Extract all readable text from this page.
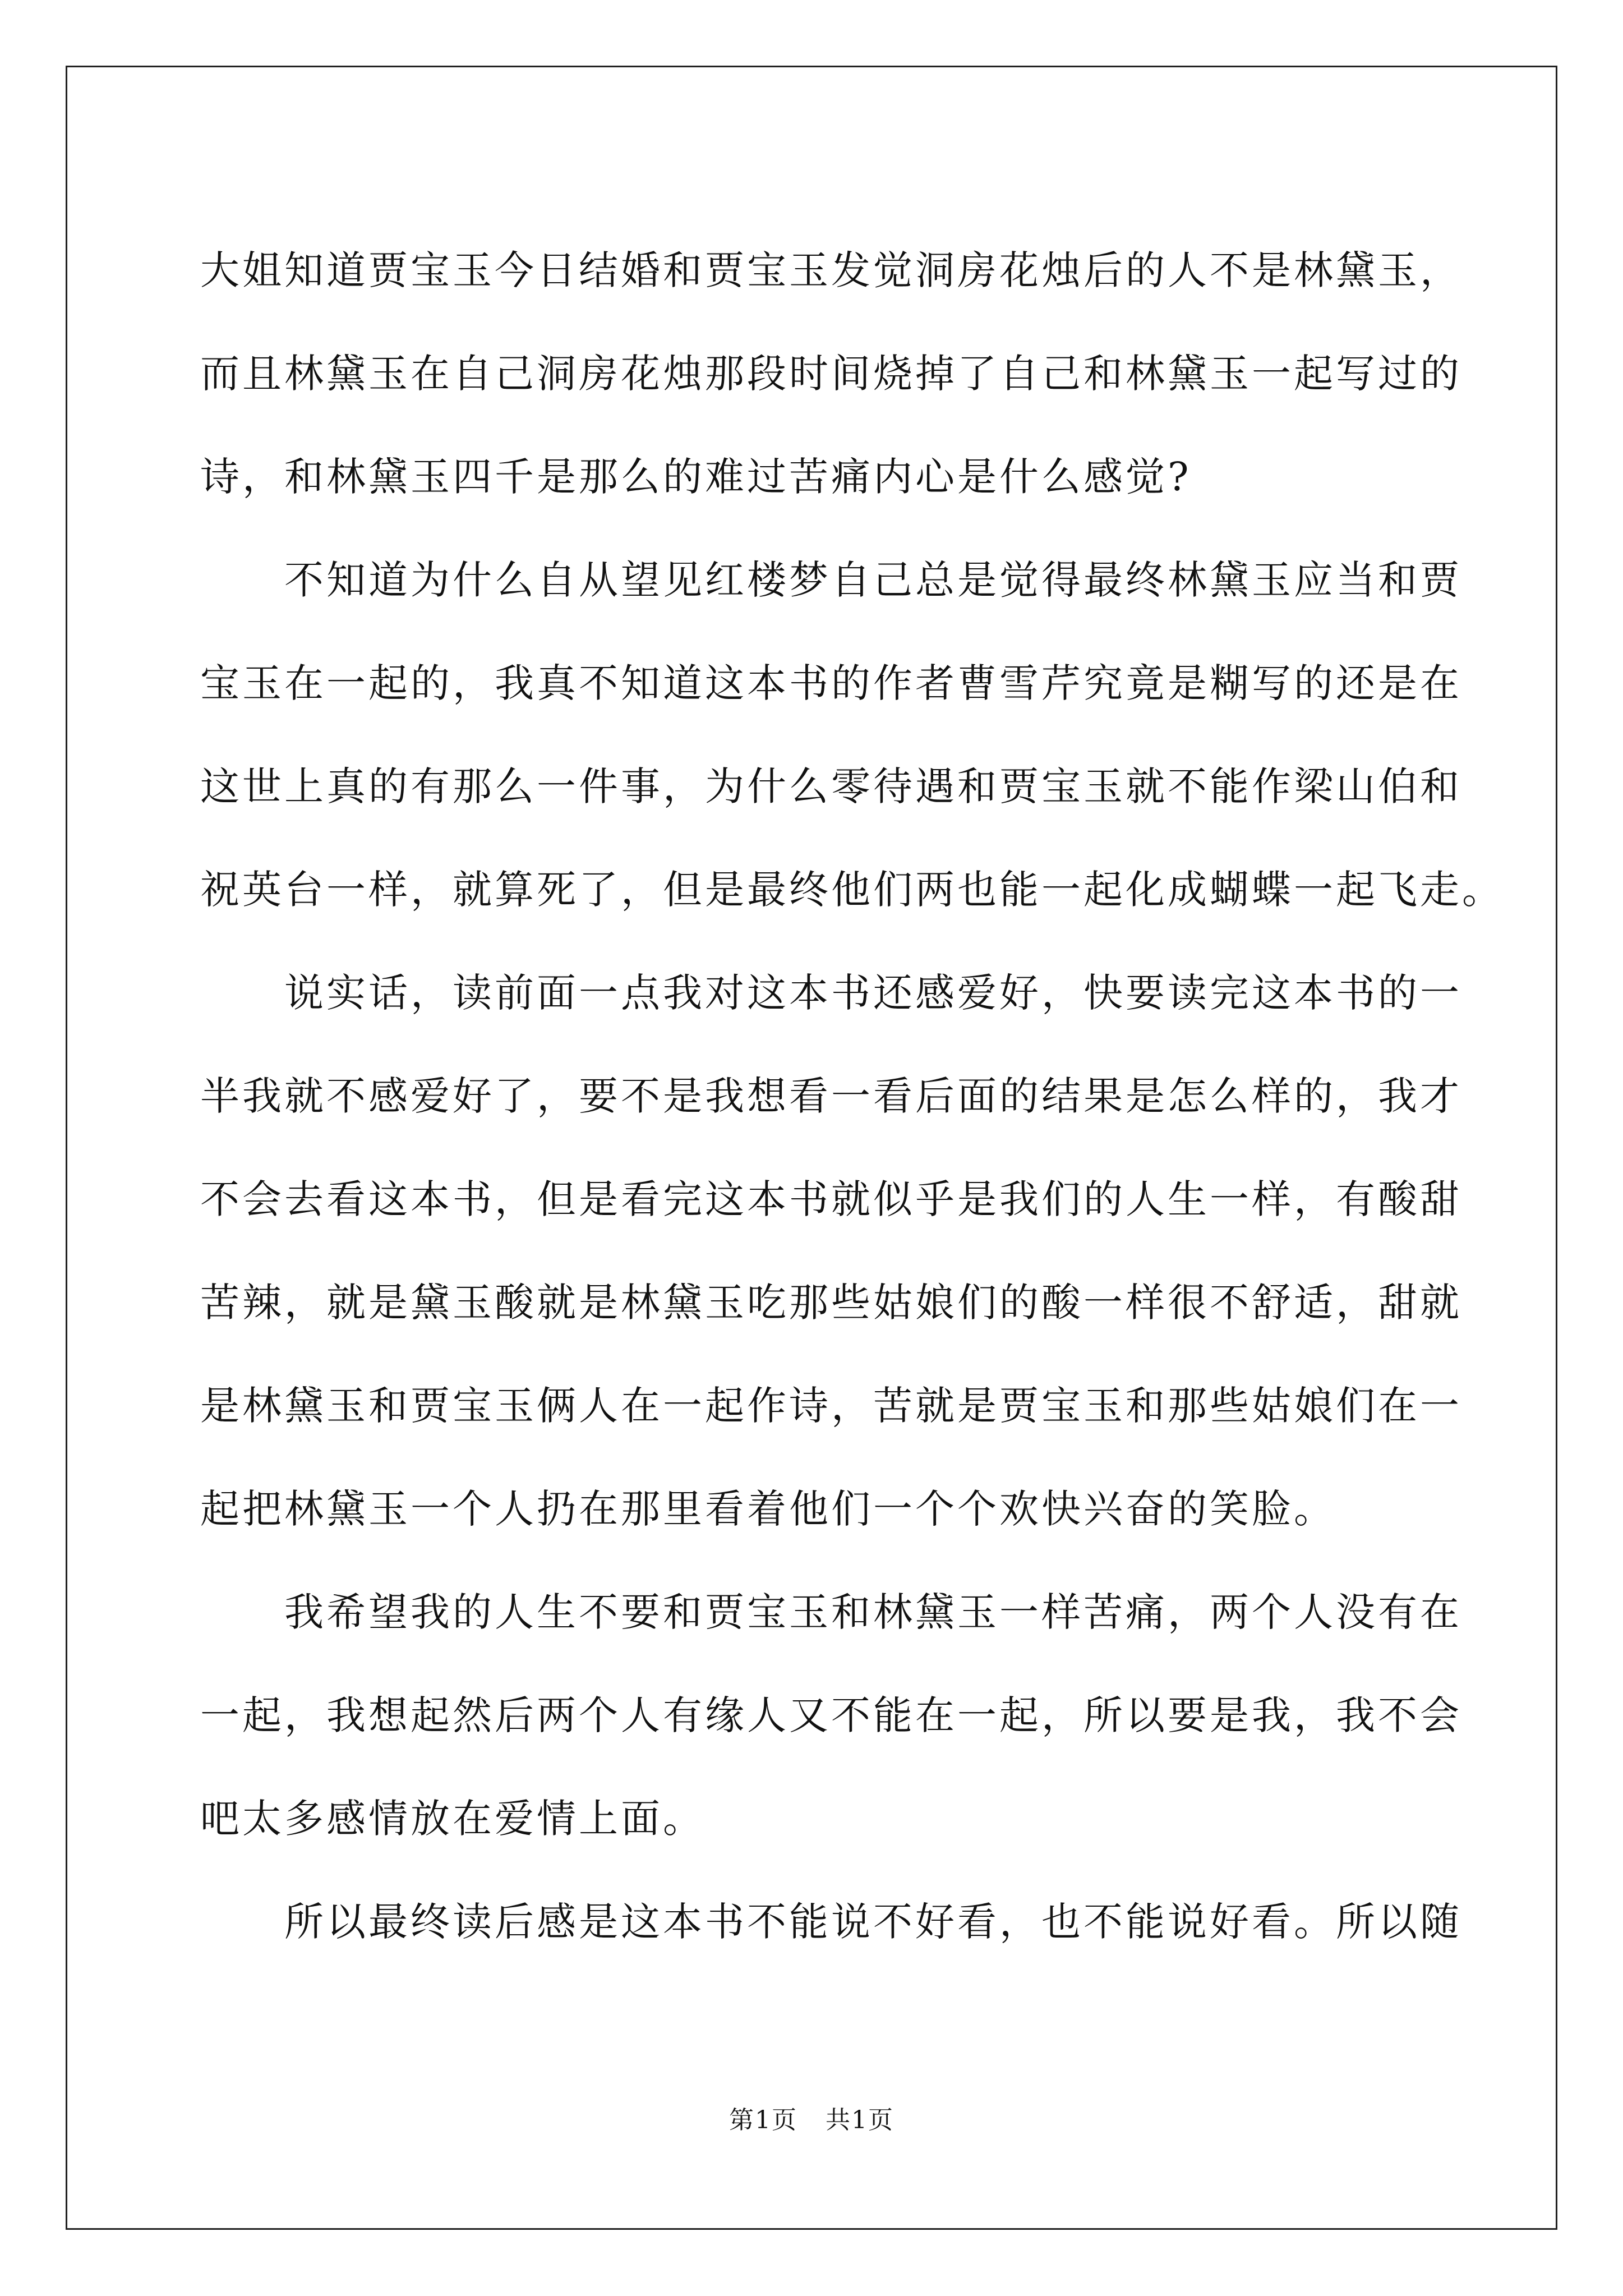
大姐知道贾宝玉今日结婚和贾宝玉发觉洞房花烛后的人不是林黛玉，
而且林黛玉在自己洞房花烛那段时间烧掉了自己和林黛玉一起写过的
诗，和林黛玉四千是那么的难过苦痛内心是什么感觉?
不知道为什么自从望见红楼梦自己总是觉得最终林黛玉应当和贾
宝玉在一起的，我真不知道这本书的作者曹雪芹究竟是糊写的还是在
这世上真的有那么一件事，为什么零待遇和贾宝玉就不能作梁山伯和
祝英台一样，就算死了，但是最终他们两也能一起化成蝴蝶一起飞走。
说实话，读前面一点我对这本书还感爱好，快要读完这本书的一
半我就不感爱好了，要不是我想看一看后面的结果是怎么样的，我才
不会去看这本书，但是看完这本书就似乎是我们的人生一样，有酸甜
苦辣，就是黛玉酸就是林黛玉吃那些姑娘们的酸一样很不舒适，甜就
是林黛玉和贾宝玉俩人在一起作诗，苦就是贾宝玉和那些姑娘们在一
起把林黛玉一个人扔在那里看着他们一个个欢快兴奋的笑脸。
我希望我的人生不要和贾宝玉和林黛玉一样苦痛，两个人没有在
一起，我想起然后两个人有缘人又不能在一起，所以要是我，我不会
吧太多感情放在爱情上面。
所以最终读后感是这本书不能说不好看，也不能说好看。所以随
第1页 共1页
